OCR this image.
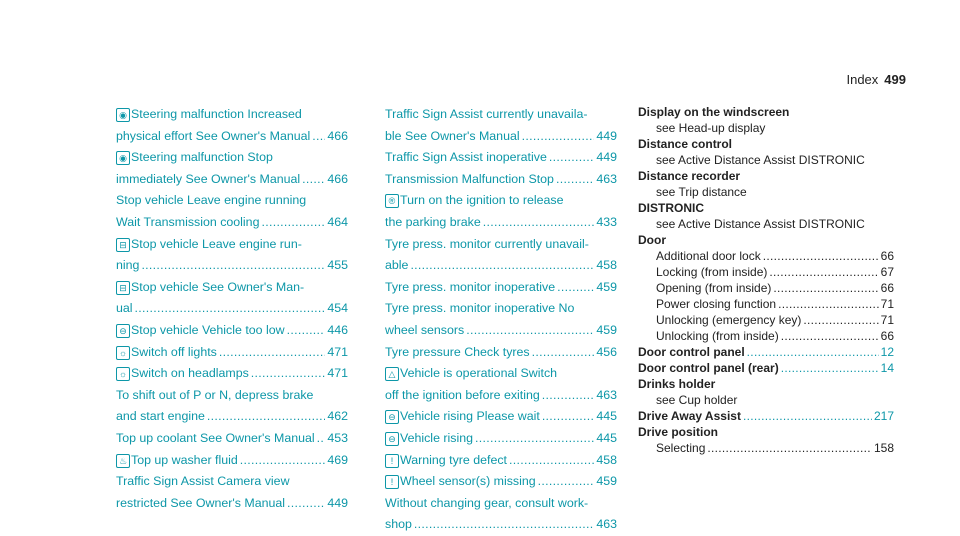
Index 499
◉ Steering malfunction Increased
physical effort See Owner's Manual ..... 466
◉ Steering malfunction Stop
immediately See Owner's Manual ..... 466
Stop vehicle Leave engine running
Wait Transmission cooling .....	464
⊟ Stop vehicle Leave engine run-
ning .....	455
⊟ Stop vehicle See Owner's Man-
ual .....	454
⊖ Stop vehicle Vehicle too low .....	446
☼ Switch off lights .....	471
☼ Switch on headlamps .....	471
To shift out of P or N, depress brake
and start engine .....	462
Top up coolant See Owner's Manual ..... 453
♨ Top up washer fluid .....	469
Traffic Sign Assist Camera view
restricted See Owner's Manual .....	449
Traffic Sign Assist currently unavaila-
ble See Owner's Manual .....	449
Traffic Sign Assist inoperative .....	449
Transmission Malfunction Stop .....	463
® Turn on the ignition to release
the parking brake .....	433
Tyre press. monitor currently unavail-
able .....	458
Tyre press. monitor inoperative .....	459
Tyre press. monitor inoperative No
wheel sensors .....	459
Tyre pressure Check tyres .....	456
△ Vehicle is operational Switch
off the ignition before exiting .....	463
⊖ Vehicle rising Please wait .....	445
⊖ Vehicle rising .....	445
! Warning tyre defect .....	458
! Wheel sensor(s) missing .....	459
Without changing gear, consult work-
shop .....	463
Display on the windscreen
see Head-up display
Distance control
see Active Distance Assist DISTRONIC
Distance recorder
see Trip distance
DISTRONIC
see Active Distance Assist DISTRONIC
Door
Additional door lock .....	66
Locking (from inside) .....	67
Opening (from inside) .....	66
Power closing function .....	71
Unlocking (emergency key) .....	71
Unlocking (from inside) .....	66
Door control panel .....	12
Door control panel (rear) .....	14
Drinks holder
see Cup holder
Drive Away Assist .....	217
Drive position
Selecting .....	158
